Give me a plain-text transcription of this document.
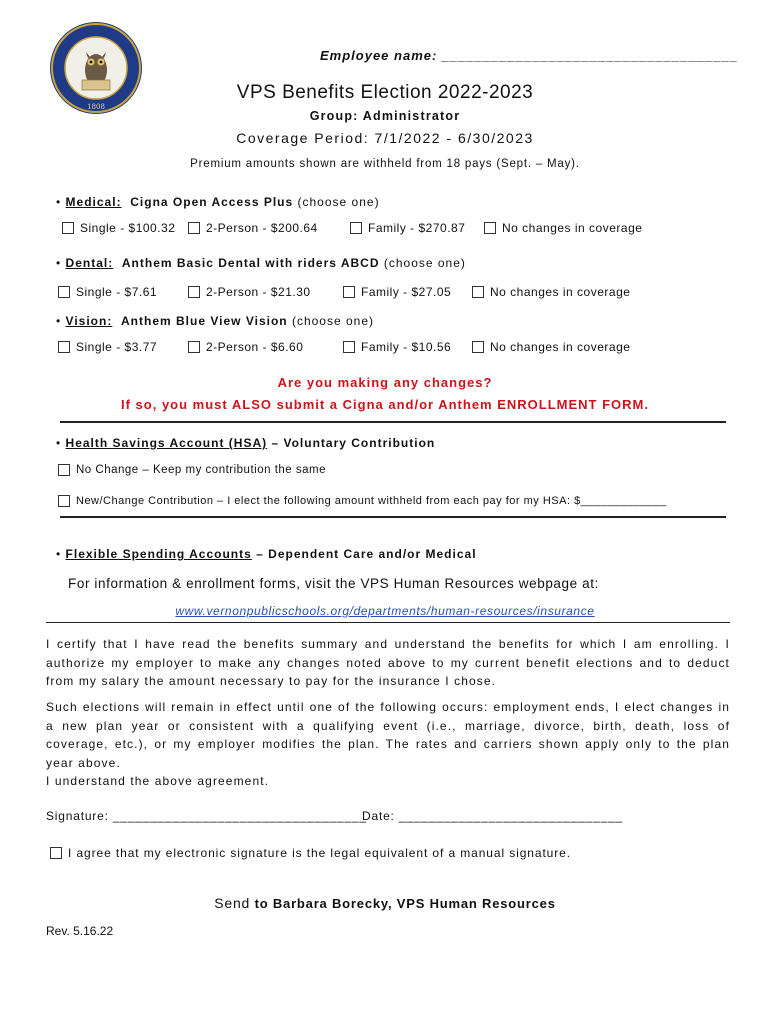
1808
Employee name: ____________________________________
VPS Benefits Election 2022-2023
Group: Administrator
Coverage Period: 7/1/2022 - 6/30/2023
Premium amounts shown are withheld from 18 pays (Sept. – May).
• Medical: Cigna Open Access Plus (choose one)
Single - $100.32	2-Person - $200.64	Family - $270.87	No changes in coverage
• Dental: Anthem Basic Dental with riders ABCD (choose one)
Single - $7.61	2-Person - $21.30	Family - $27.05	No changes in coverage
• Vision: Anthem Blue View Vision (choose one)
Single - $3.77	2-Person - $6.60	Family - $10.56	No changes in coverage
Are you making any changes?
If so, you must ALSO submit a Cigna and/or Anthem ENROLLMENT FORM.
• Health Savings Account (HSA) – Voluntary Contribution
No Change – Keep my contribution the same
New/Change Contribution – I elect the following amount withheld from each pay for my HSA: $_____________
• Flexible Spending Accounts – Dependent Care and/or Medical
For information & enrollment forms, visit the VPS Human Resources webpage at:
www.vernonpublicschools.org/departments/human-resources/insurance
I certify that I have read the benefits summary and understand the benefits for which I am enrolling. I authorize my employer to make any changes noted above to my current benefit elections and to deduct from my salary the amount necessary to pay for the insurance I chose.
Such elections will remain in effect until one of the following occurs: employment ends, I elect changes in a new plan year or consistent with a qualifying event (i.e., marriage, divorce, birth, death, loss of coverage, etc.), or my employer modifies the plan. The rates and carriers shown apply only to the plan year above.
I understand the above agreement.
Signature: __________________________________
Date: ______________________________
I agree that my electronic signature is the legal equivalent of a manual signature.
Send to Barbara Borecky, VPS Human Resources
Rev. 5.16.22
